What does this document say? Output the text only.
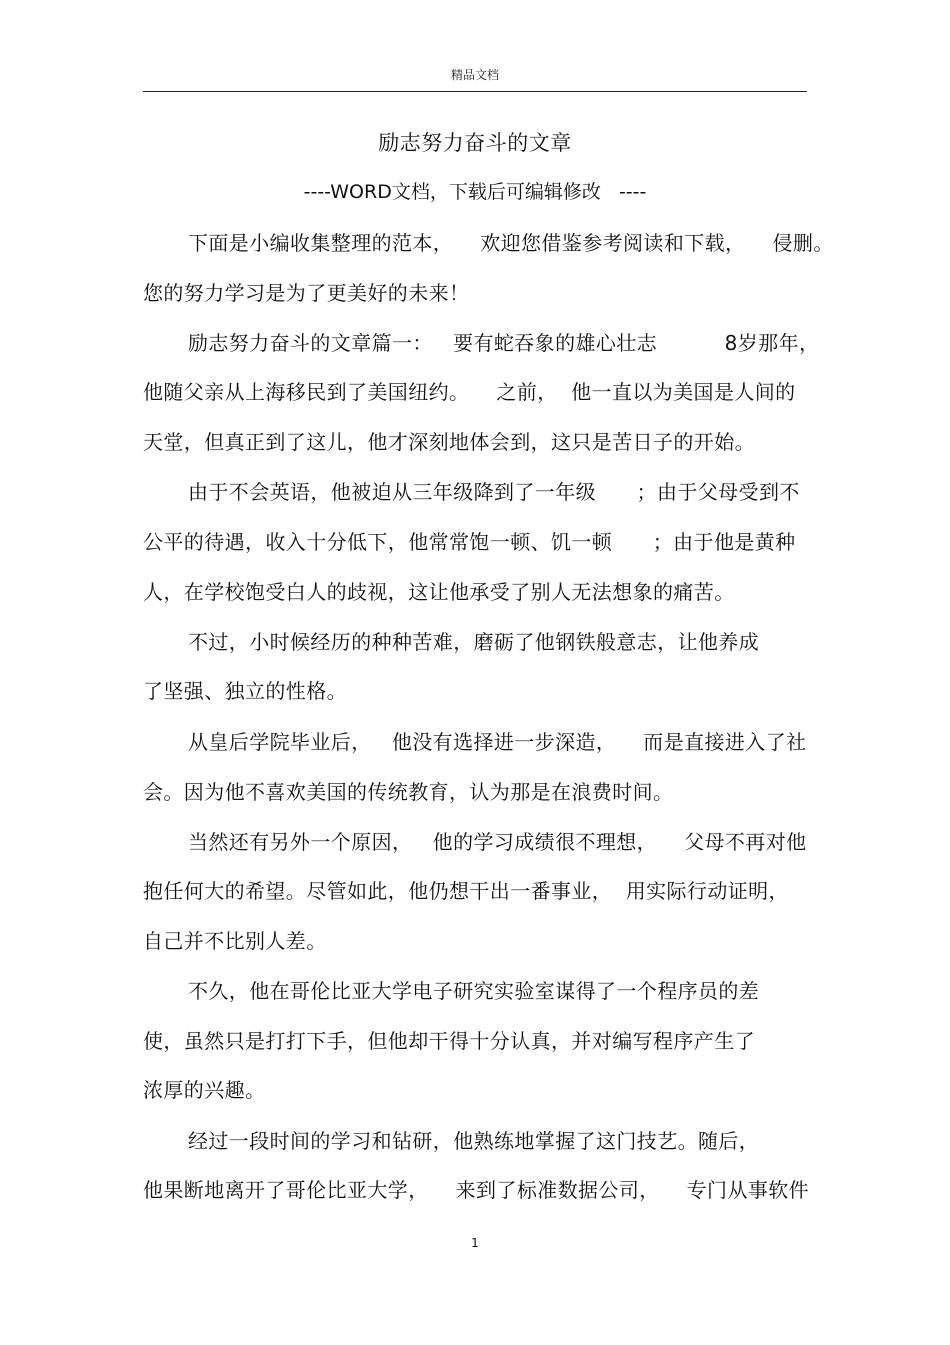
精品文档
励志努力奋斗的文章
----WORD文档，下载后可编辑修改   ----
下面是小编收集整理的范本，    欢迎您借鉴参考阅读和下载，    侵删。
您的努力学习是为了更美好的未来！
励志努力奋斗的文章篇一：   要有蛇吞象的雄心壮志          8岁那年，
他随父亲从上海移民到了美国纽约。    之前，  他一直以为美国是人间的
天堂，但真正到了这儿，他才深刻地体会到，这只是苦日子的开始。
由于不会英语，他被迫从三年级降到了一年级      ；由于父母受到不
公平的待遇，收入十分低下，他常常饱一顿、饥一顿      ；由于他是黄种
人，在学校饱受白人的歧视，这让他承受了别人无法想象的痛苦。
不过，小时候经历的种种苦难，磨砺了他钢铁般意志，让他养成
了坚强、独立的性格。
从皇后学院毕业后，   他没有选择进一步深造，    而是直接进入了社
会。因为他不喜欢美国的传统教育，认为那是在浪费时间。
当然还有另外一个原因，   他的学习成绩很不理想，    父母不再对他
抱任何大的希望。尽管如此，他仍想干出一番事业，  用实际行动证明，
自己并不比别人差。
不久，他在哥伦比亚大学电子研究实验室谋得了一个程序员的差
使，虽然只是打打下手，但他却干得十分认真，并对编写程序产生了
浓厚的兴趣。
经过一段时间的学习和钻研，他熟练地掌握了这门技艺。随后，
他果断地离开了哥伦比亚大学，    来到了标准数据公司，    专门从事软件
1
